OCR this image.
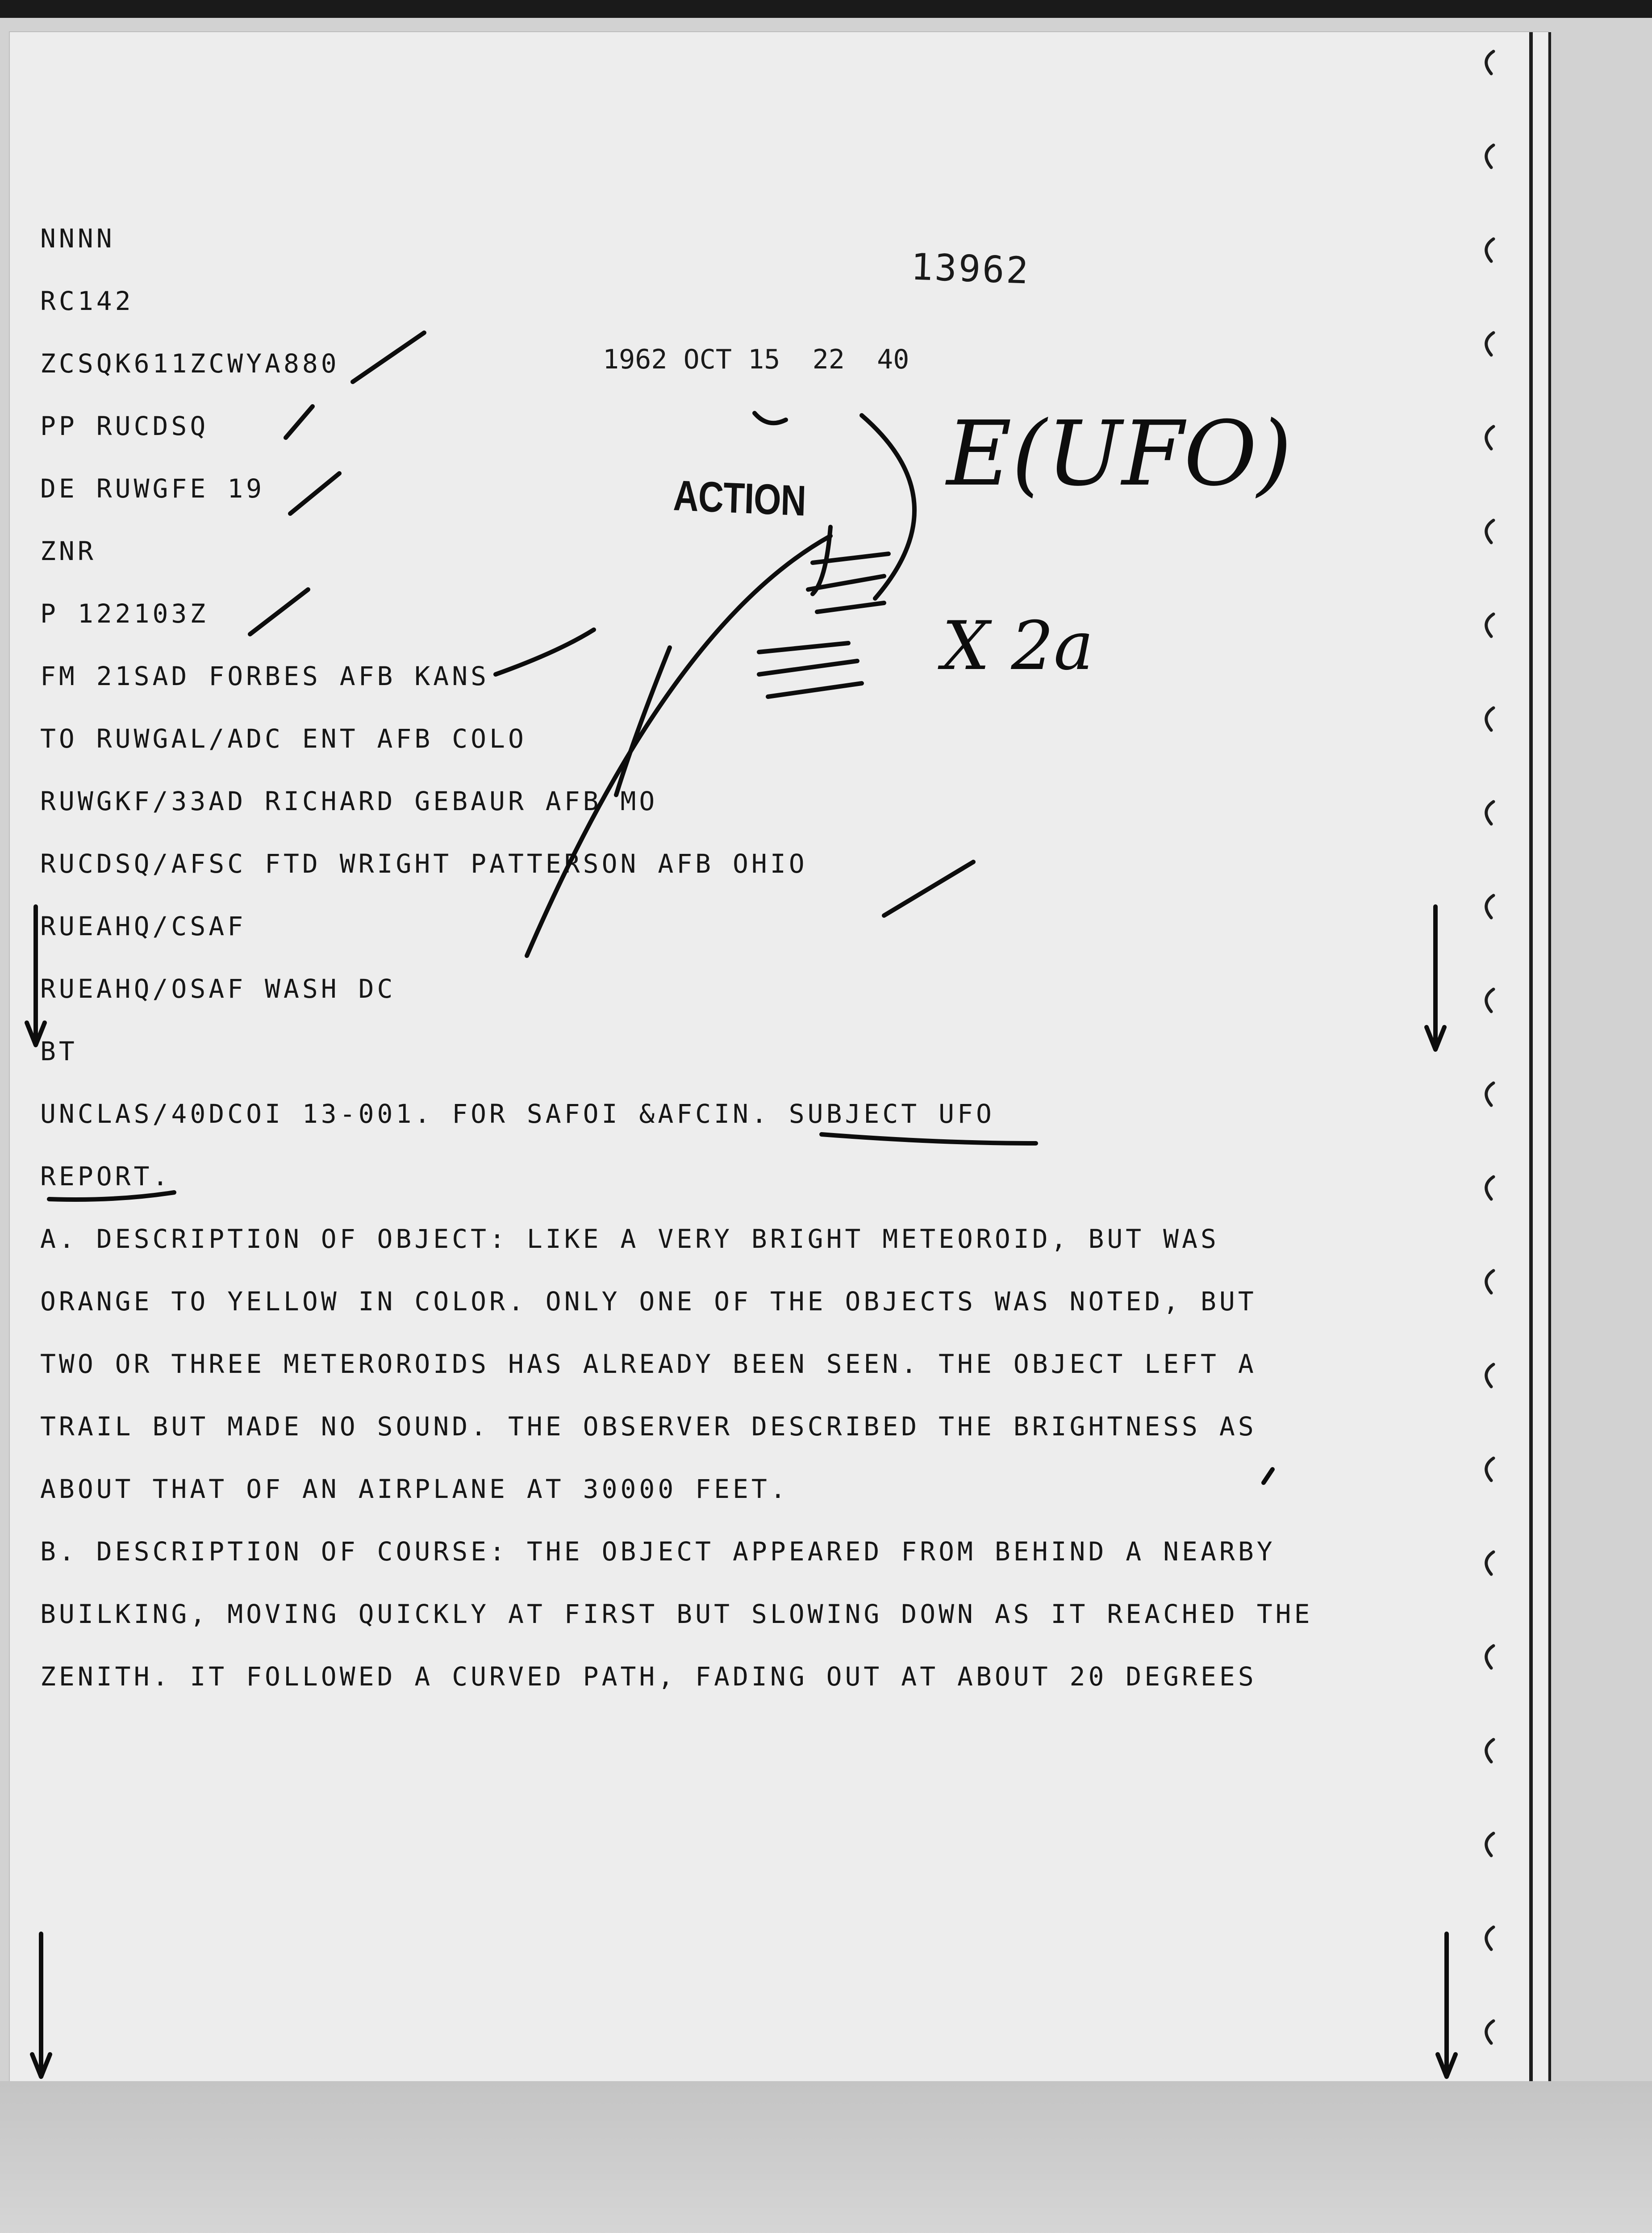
NNNN

RC142

ZCSQK611ZCWYA880

PP RUCDSQ

DE RUWGFE 19

ZNR

P 122103Z

FM 21SAD FORBES AFB KANS

TO RUWGAL/ADC ENT AFB COLO

RUWGKF/33AD RICHARD GEBAUR AFB MO

RUCDSQ/AFSC FTD WRIGHT PATTERSON AFB OHIO

RUEAHQ/CSAF

RUEAHQ/OSAF WASH DC

BT

UNCLAS/40DCOI 13-001. FOR SAFOI &AFCIN. SUBJECT UFO

REPORT.

A. DESCRIPTION OF OBJECT: LIKE A VERY BRIGHT METEOROID, BUT WAS

ORANGE TO YELLOW IN COLOR. ONLY ONE OF THE OBJECTS WAS NOTED, BUT

TWO OR THREE METEROROIDS HAS ALREADY BEEN SEEN. THE OBJECT LEFT A

TRAIL BUT MADE NO SOUND. THE OBSERVER DESCRIBED THE BRIGHTNESS AS

ABOUT THAT OF AN AIRPLANE AT 30000 FEET.

B. DESCRIPTION OF COURSE: THE OBJECT APPEARED FROM BEHIND A NEARBY

BUILKING, MOVING QUICKLY AT FIRST BUT SLOWING DOWN AS IT REACHED THE

ZENITH. IT FOLLOWED A CURVED PATH, FADING OUT AT ABOUT 20 DEGREES

13962
1962 OCT 15  22  40
ACTION E(UFO)
X 2a
